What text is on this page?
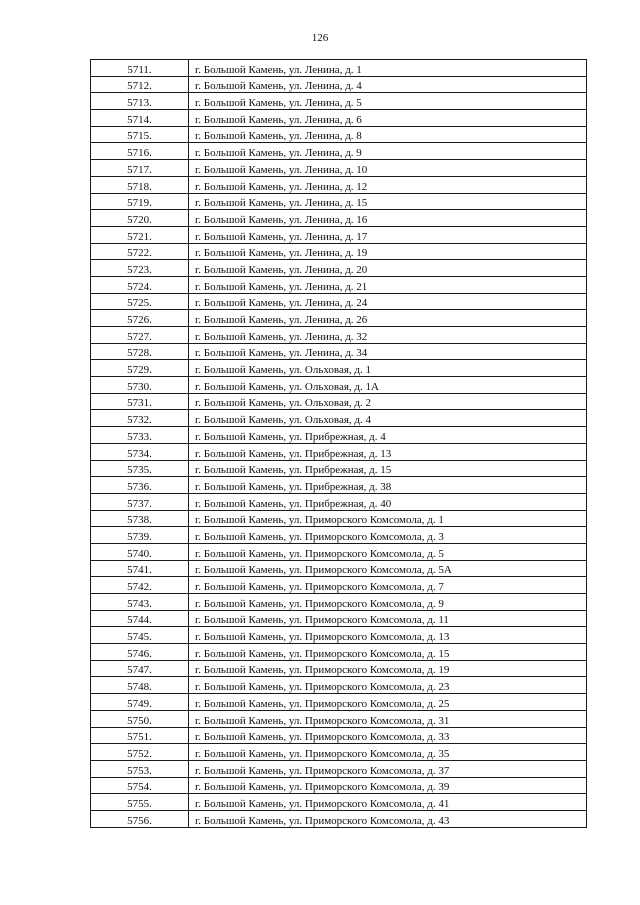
126
5711.	г. Большой Камень, ул. Ленина, д. 1
5712.	г. Большой Камень, ул. Ленина, д. 4
5713.	г. Большой Камень, ул. Ленина, д. 5
5714.	г. Большой Камень, ул. Ленина, д. 6
5715.	г. Большой Камень, ул. Ленина, д. 8
5716.	г. Большой Камень, ул. Ленина, д. 9
5717.	г. Большой Камень, ул. Ленина, д. 10
5718.	г. Большой Камень, ул. Ленина, д. 12
5719.	г. Большой Камень, ул. Ленина, д. 15
5720.	г. Большой Камень, ул. Ленина, д. 16
5721.	г. Большой Камень, ул. Ленина, д. 17
5722.	г. Большой Камень, ул. Ленина, д. 19
5723.	г. Большой Камень, ул. Ленина, д. 20
5724.	г. Большой Камень, ул. Ленина, д. 21
5725.	г. Большой Камень, ул. Ленина, д. 24
5726.	г. Большой Камень, ул. Ленина, д. 26
5727.	г. Большой Камень, ул. Ленина, д. 32
5728.	г. Большой Камень, ул. Ленина, д. 34
5729.	г. Большой Камень, ул. Ольховая, д. 1
5730.	г. Большой Камень, ул. Ольховая, д. 1А
5731.	г. Большой Камень, ул. Ольховая, д. 2
5732.	г. Большой Камень, ул. Ольховая, д. 4
5733.	г. Большой Камень, ул. Прибрежная, д. 4
5734.	г. Большой Камень, ул. Прибрежная, д. 13
5735.	г. Большой Камень, ул. Прибрежная, д. 15
5736.	г. Большой Камень, ул. Прибрежная, д. 38
5737.	г. Большой Камень, ул. Прибрежная, д. 40
5738.	г. Большой Камень, ул. Приморского Комсомола, д. 1
5739.	г. Большой Камень, ул. Приморского Комсомола, д. 3
5740.	г. Большой Камень, ул. Приморского Комсомола, д. 5
5741.	г. Большой Камень, ул. Приморского Комсомола, д. 5А
5742.	г. Большой Камень, ул. Приморского Комсомола, д. 7
5743.	г. Большой Камень, ул. Приморского Комсомола, д. 9
5744.	г. Большой Камень, ул. Приморского Комсомола, д. 11
5745.	г. Большой Камень, ул. Приморского Комсомола, д. 13
5746.	г. Большой Камень, ул. Приморского Комсомола, д. 15
5747.	г. Большой Камень, ул. Приморского Комсомола, д. 19
5748.	г. Большой Камень, ул. Приморского Комсомола, д. 23
5749.	г. Большой Камень, ул. Приморского Комсомола, д. 25
5750.	г. Большой Камень, ул. Приморского Комсомола, д. 31
5751.	г. Большой Камень, ул. Приморского Комсомола, д. 33
5752.	г. Большой Камень, ул. Приморского Комсомола, д. 35
5753.	г. Большой Камень, ул. Приморского Комсомола, д. 37
5754.	г. Большой Камень, ул. Приморского Комсомола, д. 39
5755.	г. Большой Камень, ул. Приморского Комсомола, д. 41
5756.	г. Большой Камень, ул. Приморского Комсомола, д. 43
